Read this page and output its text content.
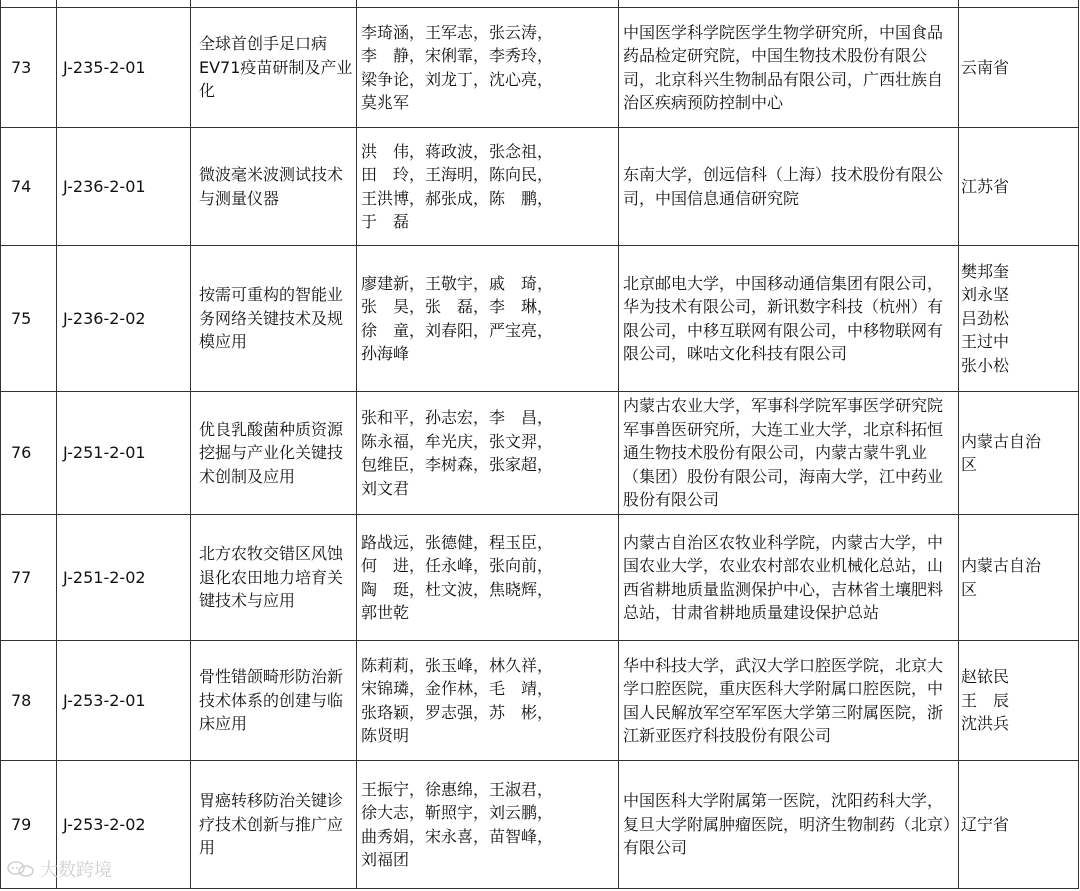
73	J-235-2-01	全球首创手足口病EV71疫苗研制及产业化	李琦涵，王军志，张云涛，
李　静，宋俐霏，李秀玲，
梁争论，刘龙丁，沈心亮，
莫兆军	中国医学科学院医学生物学研究所，中国食品药品检定研究院，中国生物技术股份有限公司，北京科兴生物制品有限公司，广西壮族自治区疾病预防控制中心	云南省

74	J-236-2-01	微波毫米波测试技术与测量仪器	洪　伟，蒋政波，张念祖，
田　玲，王海明，陈向民，
王洪博，郝张成，陈　鹏，
于　磊	东南大学，创远信科（上海）技术股份有限公司，中国信息通信研究院	江苏省

75	J-236-2-02	按需可重构的智能业务网络关键技术及规模应用	廖建新，王敬宇，戚　琦，
张　昊，张　磊，李　琳，
徐　童，刘春阳，严宝亮，
孙海峰	北京邮电大学，中国移动通信集团有限公司，华为技术有限公司，新讯数字科技（杭州）有限公司，中移互联网有限公司，中移物联网有限公司，咪咕文化科技有限公司	樊邦奎
刘永坚
吕劲松
王过中
张小松

76	J-251-2-01	优良乳酸菌种质资源挖掘与产业化关键技术创制及应用	张和平，孙志宏，李　昌，
陈永福，牟光庆，张文羿，
包维臣，李树森，张家超，
刘文君	内蒙古农业大学，军事科学院军事医学研究院军事兽医研究所，大连工业大学，北京科拓恒通生物技术股份有限公司，内蒙古蒙牛乳业（集团）股份有限公司，海南大学，江中药业股份有限公司	内蒙古自治
区

77	J-251-2-02	北方农牧交错区风蚀退化农田地力培育关键技术与应用	路战远，张德健，程玉臣，
何　进，任永峰，张向前，
陶　珽，杜文波，焦晓辉，
郭世乾	内蒙古自治区农牧业科学院，内蒙古大学，中国农业大学，农业农村部农业机械化总站，山西省耕地质量监测保护中心，吉林省土壤肥料总站，甘肃省耕地质量建设保护总站	内蒙古自治
区

78	J-253-2-01	骨性错颌畸形防治新技术体系的创建与临床应用	陈莉莉，张玉峰，林久祥，
宋锦璘，金作林，毛　靖，
张珞颖，罗志强，苏　彬，
陈贤明	华中科技大学，武汉大学口腔医学院，北京大学口腔医院，重庆医科大学附属口腔医院，中国人民解放军空军军医大学第三附属医院，浙江新亚医疗科技股份有限公司	赵铱民
王　辰
沈洪兵

79	J-253-2-02	胃癌转移防治关键诊疗技术创新与推广应用	王振宁，徐惠绵，王淑君，
徐大志，靳照宇，刘云鹏，
曲秀娟，宋永喜，苗智峰，
刘福团	中国医科大学附属第一医院，沈阳药科大学，复旦大学附属肿瘤医院，明济生物制药（北京）有限公司	辽宁省
大数跨境
